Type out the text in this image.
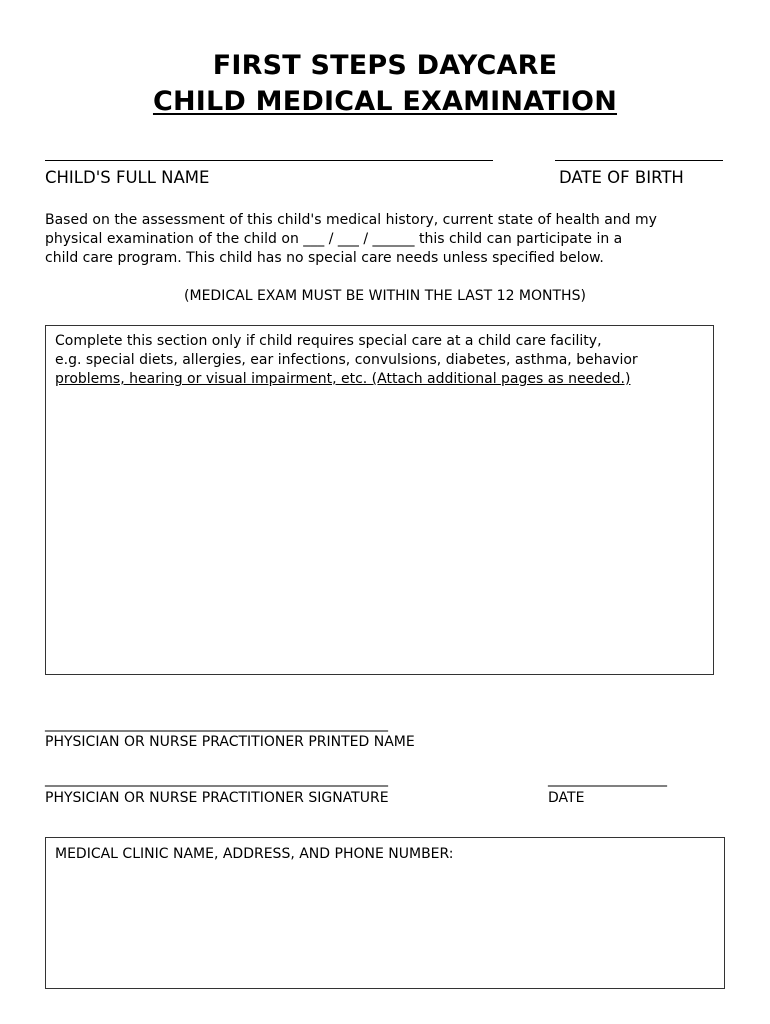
FIRST STEPS DAYCARE
CHILD MEDICAL EXAMINATION
CHILD'S FULL NAME	DATE OF BIRTH
Based on the assessment of this child's medical history, current state of health and my
physical examination of the child on ___ / ___ / ______ this child can participate in a
child care program. This child has no special care needs unless specified below.
(MEDICAL EXAM MUST BE WITHIN THE LAST 12 MONTHS)
Complete this section only if child requires special care at a child care facility,
e.g. special diets, allergies, ear infections, convulsions, diabetes, asthma, behavior
problems, hearing or visual impairment, etc. (Attach additional pages as needed.)
_________________________________________________
PHYSICIAN OR NURSE PRACTITIONER PRINTED NAME
_________________________________________________	_________________
PHYSICIAN OR NURSE PRACTITIONER SIGNATURE	DATE
MEDICAL CLINIC NAME, ADDRESS, AND PHONE NUMBER:
